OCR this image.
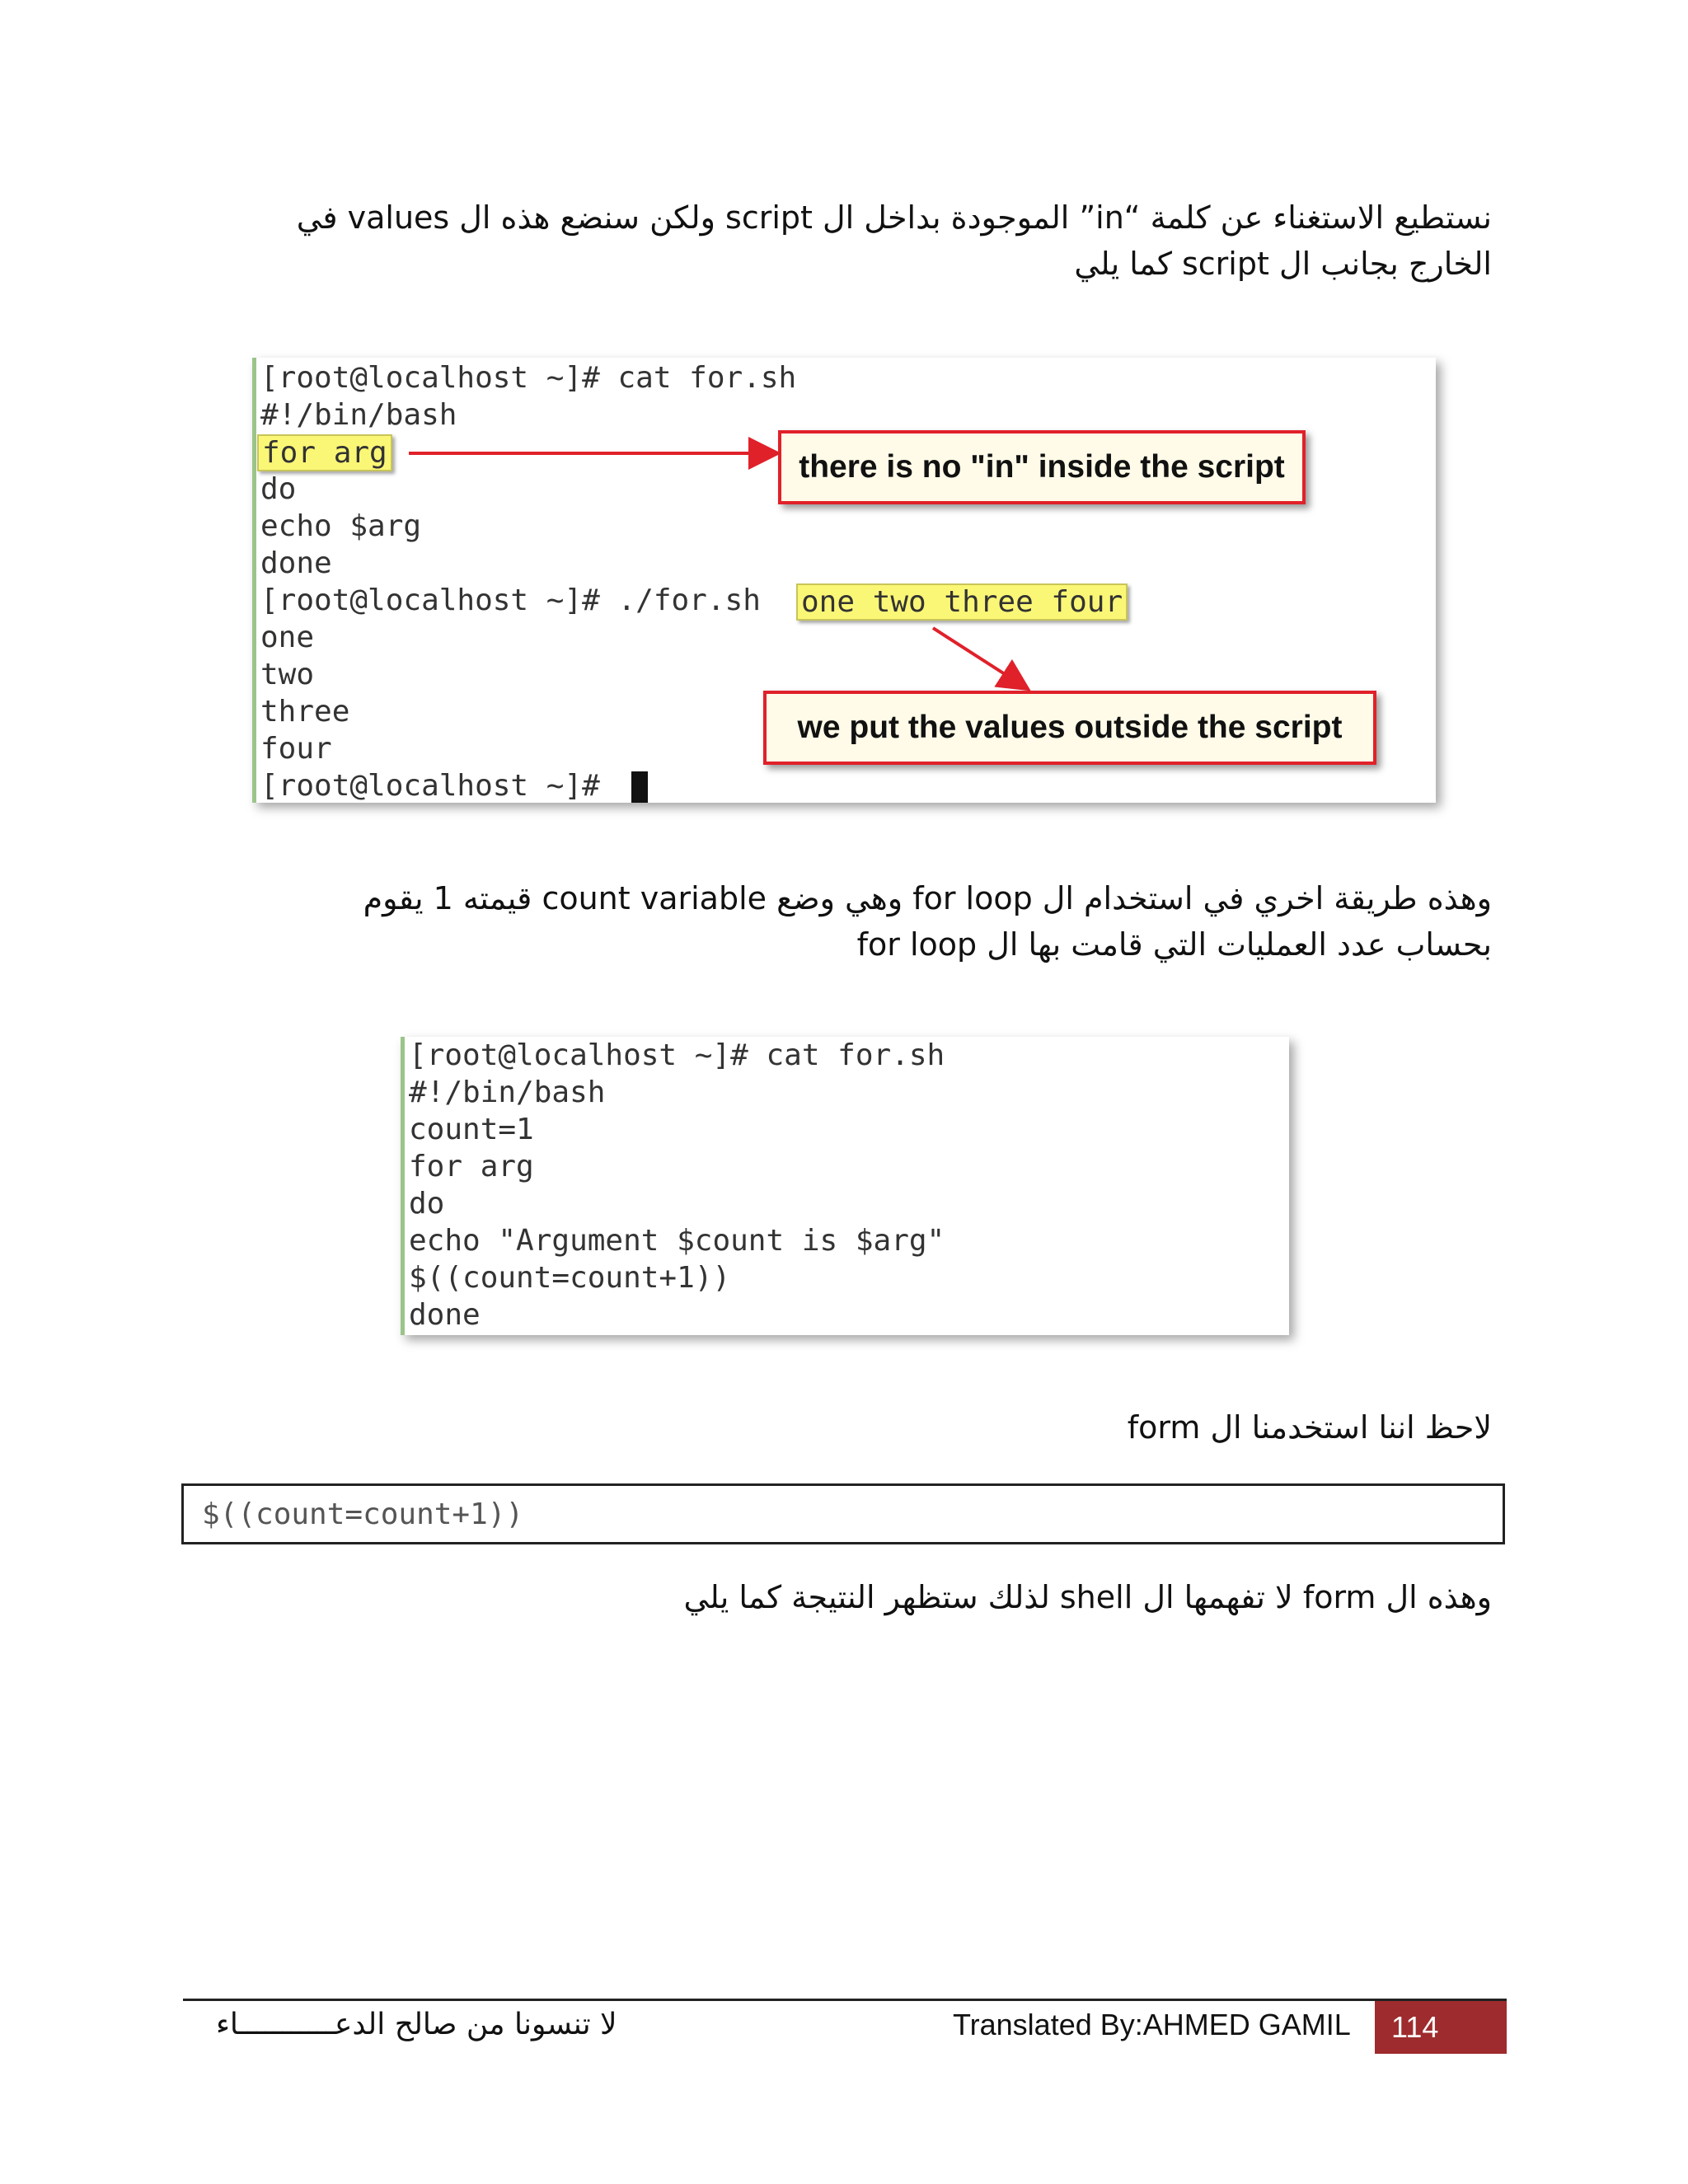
نستطيع الاستغناء عن كلمة “in” الموجودة بداخل ال script ولكن سنضع هذه ال values في
الخارج بجانب ال script كما يلي
[root@localhost ~]# cat for.sh
#!/bin/bash
for arg
do
echo $arg
done
[root@localhost ~]# ./for.sh one two three four
one
two
three
four
[root@localhost ~]#
there is no "in" inside the script
we put the values outside the script
وهذه طريقة اخري في استخدام ال for loop وهي وضع count variable قيمته 1 يقوم
بحساب عدد العمليات التي قامت بها ال for loop
[root@localhost ~]# cat for.sh
#!/bin/bash
count=1
for arg
do
echo "Argument $count is $arg"
$((count=count+1))
done
لاحظ اننا استخدمنا ال form
$((count=count+1))
وهذه ال form لا تفهمها ال shell لذلك ستظهر النتيجة كما يلي
لا تنسونا من صالح الدعـــــــــــاء	Translated By:AHMED GAMIL	114
